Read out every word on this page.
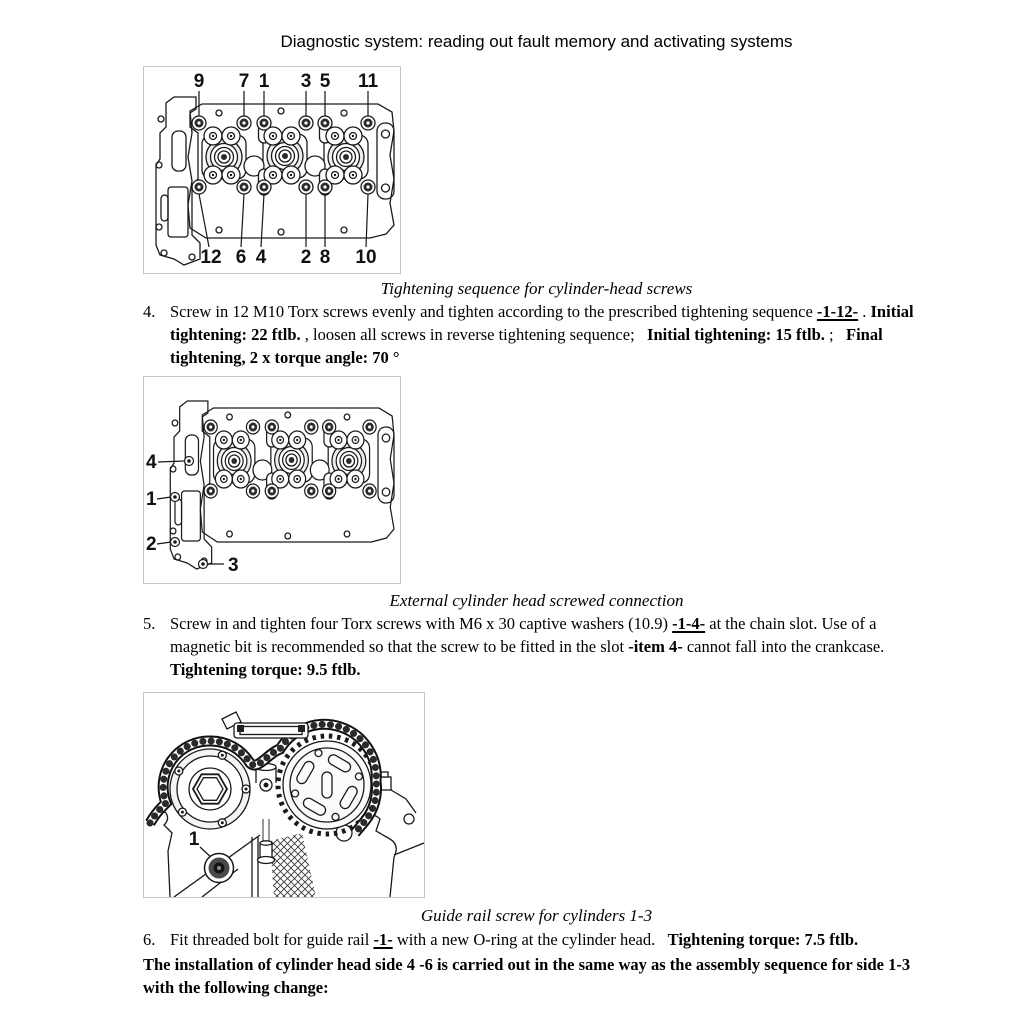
Diagnostic system: reading out fault memory and activating systems
9 7 1 3 5 11
12 6 4 2 8 10
Tightening sequence for cylinder-head screws
4. Screw in 12 M10 Torx screws evenly and tighten according to the prescribed tightening sequence -1-12- . Initial tightening: 22 ftlb. , loosen all screws in reverse tightening sequence;   Initial tightening: 15 ftlb. ;   Final tightening, 2 x torque angle: 70 °
4
1
2
3
External cylinder head screwed connection
5. Screw in and tighten four Torx screws with M6 x 30 captive washers (10.9) -1-4- at the chain slot. Use of a magnetic bit is recommended so that the screw to be fitted in the slot -item 4- cannot fall into the crankcase.   Tightening torque: 9.5 ftlb.
1
Guide rail screw for cylinders 1-3
6. Fit threaded bolt for guide rail -1- with a new O-ring at the cylinder head.   Tightening torque: 7.5 ftlb.
The installation of cylinder head side 4 -6 is carried out in the same way as the assembly sequence for side 1-3 with the following change:
